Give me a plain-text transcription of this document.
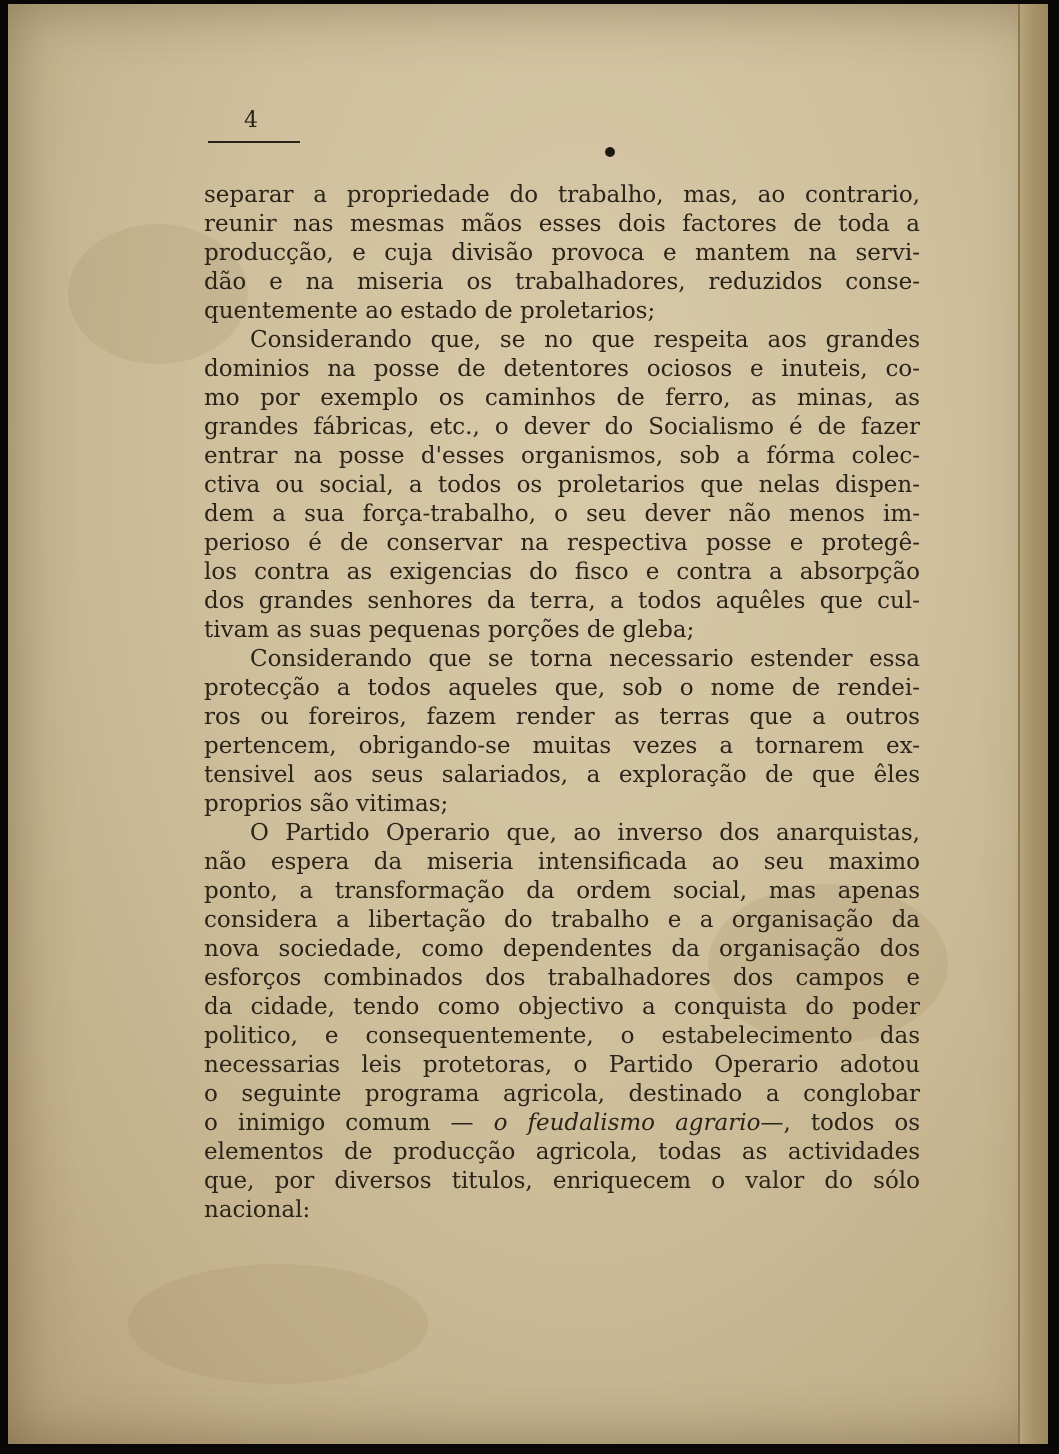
4
separar a propriedade do trabalho, mas, ao contrario,
reunir nas mesmas mãos esses dois factores de toda a
producção, e cuja divisão provoca e mantem na servi-
dão e na miseria os trabalhadores, reduzidos conse-
quentemente ao estado de proletarios;
Considerando que, se no que respeita aos grandes
dominios na posse de detentores ociosos e inuteis, co-
mo por exemplo os caminhos de ferro, as minas, as
grandes fábricas, etc., o dever do Socialismo é de fazer
entrar na posse d'esses organismos, sob a fórma colec-
ctiva ou social, a todos os proletarios que nelas dispen-
dem a sua força-trabalho, o seu dever não menos im-
perioso é de conservar na respectiva posse e protegê-
los contra as exigencias do fisco e contra a absorpção
dos grandes senhores da terra, a todos aquêles que cul-
tivam as suas pequenas porções de gleba;
Considerando que se torna necessario estender essa
protecção a todos aqueles que, sob o nome de rendei-
ros ou foreiros, fazem render as terras que a outros
pertencem, obrigando-se muitas vezes a tornarem ex-
tensivel aos seus salariados, a exploração de que êles
proprios são vitimas;
O Partido Operario que, ao inverso dos anarquistas,
não espera da miseria intensificada ao seu maximo
ponto, a transformação da ordem social, mas apenas
considera a libertação do trabalho e a organisação da
nova sociedade, como dependentes da organisação dos
esforços combinados dos trabalhadores dos campos e
da cidade, tendo como objectivo a conquista do poder
politico, e consequentemente, o estabelecimento das
necessarias leis protetoras, o Partido Operario adotou
o seguinte programa agricola, destinado a conglobar
o inimigo comum — o feudalismo agrario—, todos os
elementos de producção agricola, todas as actividades
que, por diversos titulos, enriquecem o valor do sólo
nacional:
